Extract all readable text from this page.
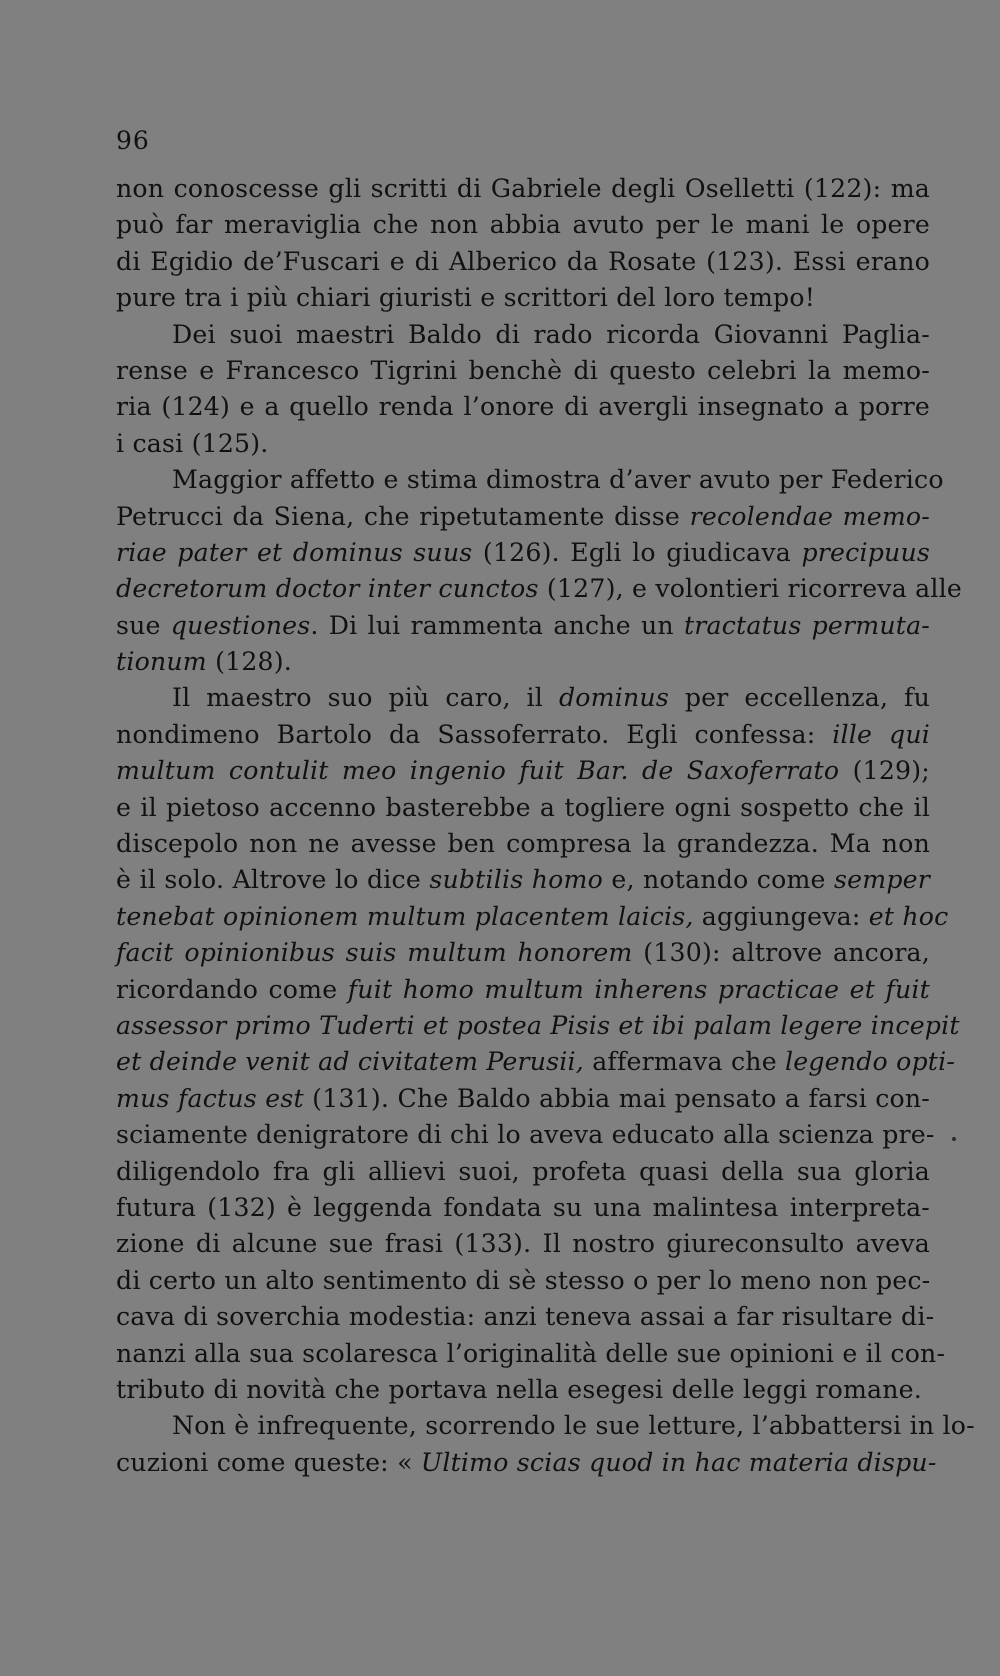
96
non conoscesse gli scritti di Gabriele degli Oselletti (122): ma
può far meraviglia che non abbia avuto per le mani le opere
di Egidio de’Fuscari e di Alberico da Rosate (123). Essi erano
pure tra i più chiari giuristi e scrittori del loro tempo!
Dei suoi maestri Baldo di rado ricorda Giovanni Paglia-
rense e Francesco Tigrini benchè di questo celebri la memo-
ria (124) e a quello renda l’onore di avergli insegnato a porre
i casi (125).
Maggior affetto e stima dimostra d’aver avuto per Federico
Petrucci da Siena, che ripetutamente disse recolendae memo-
riae pater et dominus suus (126). Egli lo giudicava precipuus
decretorum doctor inter cunctos (127), e volontieri ricorreva alle
sue questiones. Di lui rammenta anche un tractatus permuta-
tionum (128).
Il maestro suo più caro, il dominus per eccellenza, fu
nondimeno Bartolo da Sassoferrato. Egli confessa: ille qui
multum contulit meo ingenio fuit Bar. de Saxoferrato (129);
e il pietoso accenno basterebbe a togliere ogni sospetto che il
discepolo non ne avesse ben compresa la grandezza. Ma non
è il solo. Altrove lo dice subtilis homo e, notando come semper
tenebat opinionem multum placentem laicis, aggiungeva: et hoc
facit opinionibus suis multum honorem (130): altrove ancora,
ricordando come fuit homo multum inherens practicae et fuit
assessor primo Tuderti et postea Pisis et ibi palam legere incepit
et deinde venit ad civitatem Perusii, affermava che legendo opti-
mus factus est (131). Che Baldo abbia mai pensato a farsi con-
sciamente denigratore di chi lo aveva educato alla scienza pre-
diligendolo fra gli allievi suoi, profeta quasi della sua gloria
futura (132) è leggenda fondata su una malintesa interpreta-
zione di alcune sue frasi (133). Il nostro giureconsulto aveva
di certo un alto sentimento di sè stesso o per lo meno non pec-
cava di soverchia modestia: anzi teneva assai a far risultare di-
nanzi alla sua scolaresca l’originalità delle sue opinioni e il con-
tributo di novità che portava nella esegesi delle leggi romane.
Non è infrequente, scorrendo le sue letture, l’abbattersi in lo-
cuzioni come queste: « Ultimo scias quod in hac materia dispu-
